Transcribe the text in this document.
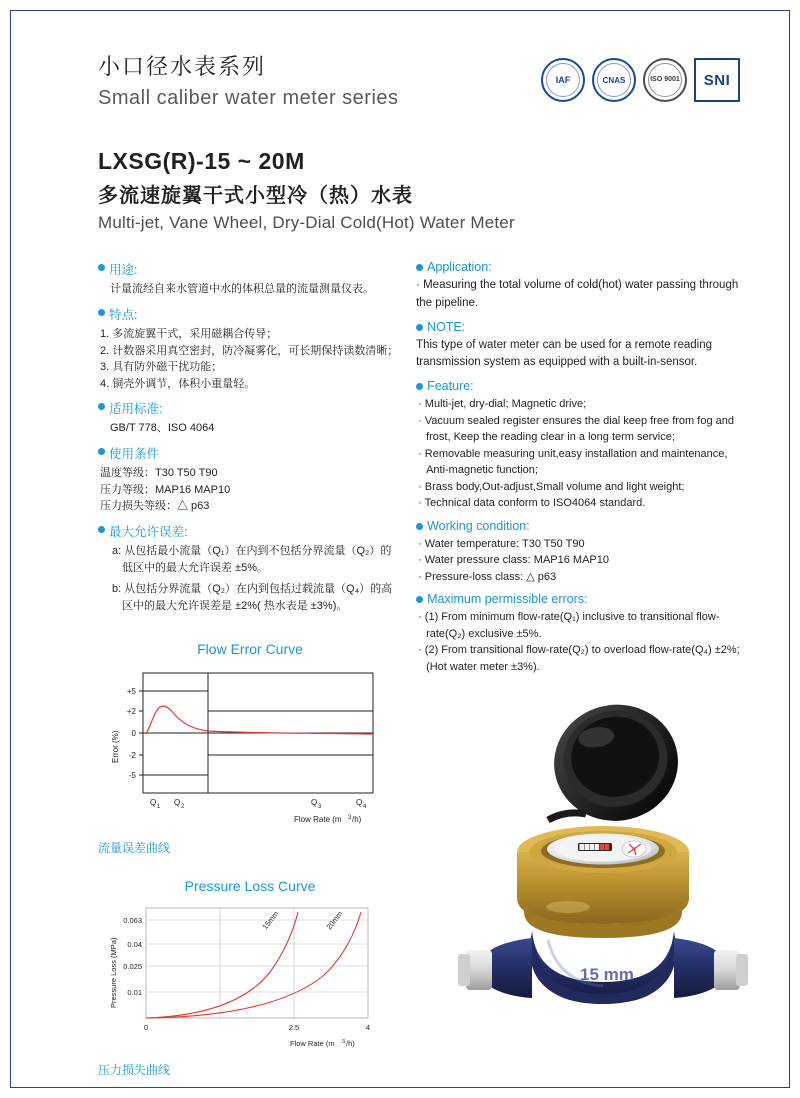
小口径水表系列
Small caliber water meter series
IAF	CNAS	ISO 9001 SNI
LXSG(R)-15 ~ 20M
多流速旋翼干式小型冷（热）水表
Multi-jet, Vane Wheel, Dry-Dial Cold(Hot) Water Meter
用途:
计量流经自来水管道中水的体积总量的流量测量仪表。
特点:
1. 多流旋翼干式，采用磁耦合传导；
2. 计数器采用真空密封，防冷凝雾化，可长期保持读数清晰；
3. 具有防外磁干扰功能；
4. 铜壳外调节，体积小重量轻。
适用标准:
GB/T 778、ISO 4064
使用条件
温度等级：T30 T50 T90
压力等级：MAP16 MAP10
压力损失等级：△ p63
最大允许误差:
a: 从包括最小流量（Q₁）在内到不包括分界流量（Q₂）的低区中的最大允许误差 ±5%。
b: 从包括分界流量（Q₂）在内到包括过载流量（Q₄）的高区中的最大允许误差是 ±2%( 热水表是 ±3%)。
Flow Error Curve
+5
+2
0
-2
-5
Q 1 Q 2	Q 3	Q 4
Error (%)
Flow Rate (m 3 /h)
流量误差曲线
Pressure Loss Curve
0.063
0.04
0.025
0.01
0	2.5	4
15mm	20mm
Pressure Loss (MPa)
Flow Rate (m 3 /h)
压力损失曲线
Application:
· Measuring the total volume of cold(hot) water passing through the pipeline.
NOTE:
This type of water meter can be used for a remote reading transmission system as equipped with a built-in-sensor.
Feature:
· Multi-jet, dry-dial; Magnetic drive;
· Vacuum sealed register ensures the dial keep free from fog and frost, Keep the reading clear in a long term service;
· Removable measuring unit,easy installation and maintenance, Anti-magnetic function;
· Brass body,Out-adjust,Small volume and light weight;
· Technical data conform to ISO4064 standard.
Working condition:
· Water temperature: T30 T50 T90
· Water pressure class: MAP16 MAP10
· Pressure-loss class: △ p63
Maximum permissible errors:
· (1) From minimum flow-rate(Q₁) inclusive to transitional flow-rate(Q₂) exclusive ±5%.
· (2) From transitional flow-rate(Q₂) to overload flow-rate(Q₄) ±2%;(Hot water meter ±3%).
15 mm
